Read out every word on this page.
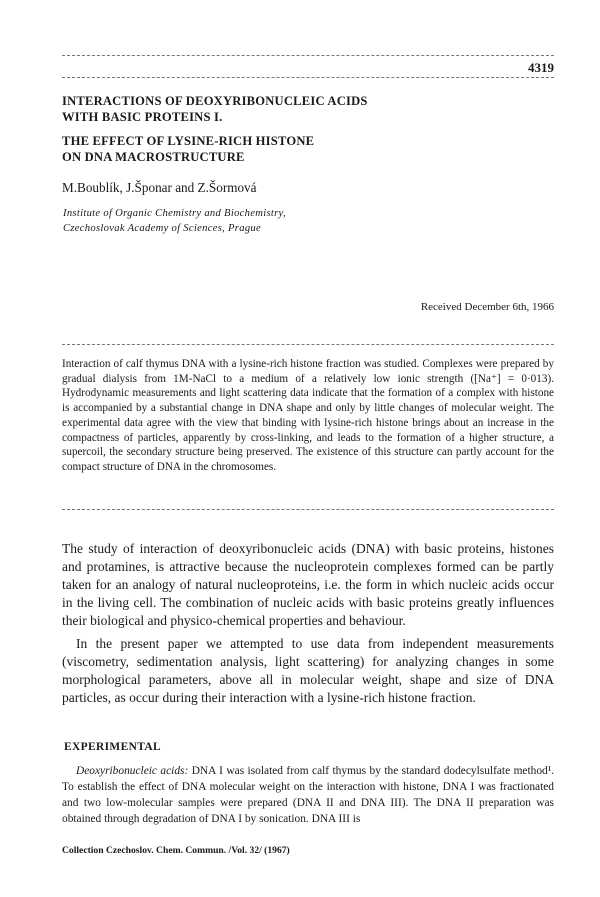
4319
INTERACTIONS OF DEOXYRIBONUCLEIC ACIDS
WITH BASIC PROTEINS I.
THE EFFECT OF LYSINE-RICH HISTONE
ON DNA MACROSTRUCTURE
M.Boublík, J.Šponar and Z.Šormová
Institute of Organic Chemistry and Biochemistry,
Czechoslovak Academy of Sciences, Prague
Received December 6th, 1966

Interaction of calf thymus DNA with a lysine-rich histone fraction was studied. Complexes were prepared by gradual dialysis from 1M-NaCl to a medium of a relatively low ionic strength ([Na⁺] = 0·013). Hydrodynamic measurements and light scattering data indicate that the formation of a complex with histone is accompanied by a substantial change in DNA shape and only by little changes of molecular weight. The experimental data agree with the view that binding with lysine-rich histone brings about an increase in the compactness of particles, apparently by cross-linking, and leads to the formation of a higher structure, a supercoil, the secondary structure being preserved. The existence of this structure can partly account for the compact structure of DNA in the chromosomes.

The study of interaction of deoxyribonucleic acids (DNA) with basic proteins, histones and protamines, is attractive because the nucleoprotein complexes formed can be partly taken for an analogy of natural nucleoproteins, i.e. the form in which nucleic acids occur in the living cell. The combination of nucleic acids with basic proteins greatly influences their biological and physico-chemical properties and behaviour.

In the present paper we attempted to use data from independent measurements (viscometry, sedimentation analysis, light scattering) for analyzing changes in some morphological parameters, above all in molecular weight, shape and size of DNA particles, as occur during their interaction with a lysine-rich histone fraction.

EXPERIMENTAL

Deoxyribonucleic acids: DNA I was isolated from calf thymus by the standard dodecylsulfate method¹. To establish the effect of DNA molecular weight on the interaction with histone, DNA I was fractionated and two low-molecular samples were prepared (DNA II and DNA III). The DNA II preparation was obtained through degradation of DNA I by sonication. DNA III is

Collection Czechoslov. Chem. Commun. /Vol. 32/ (1967)
